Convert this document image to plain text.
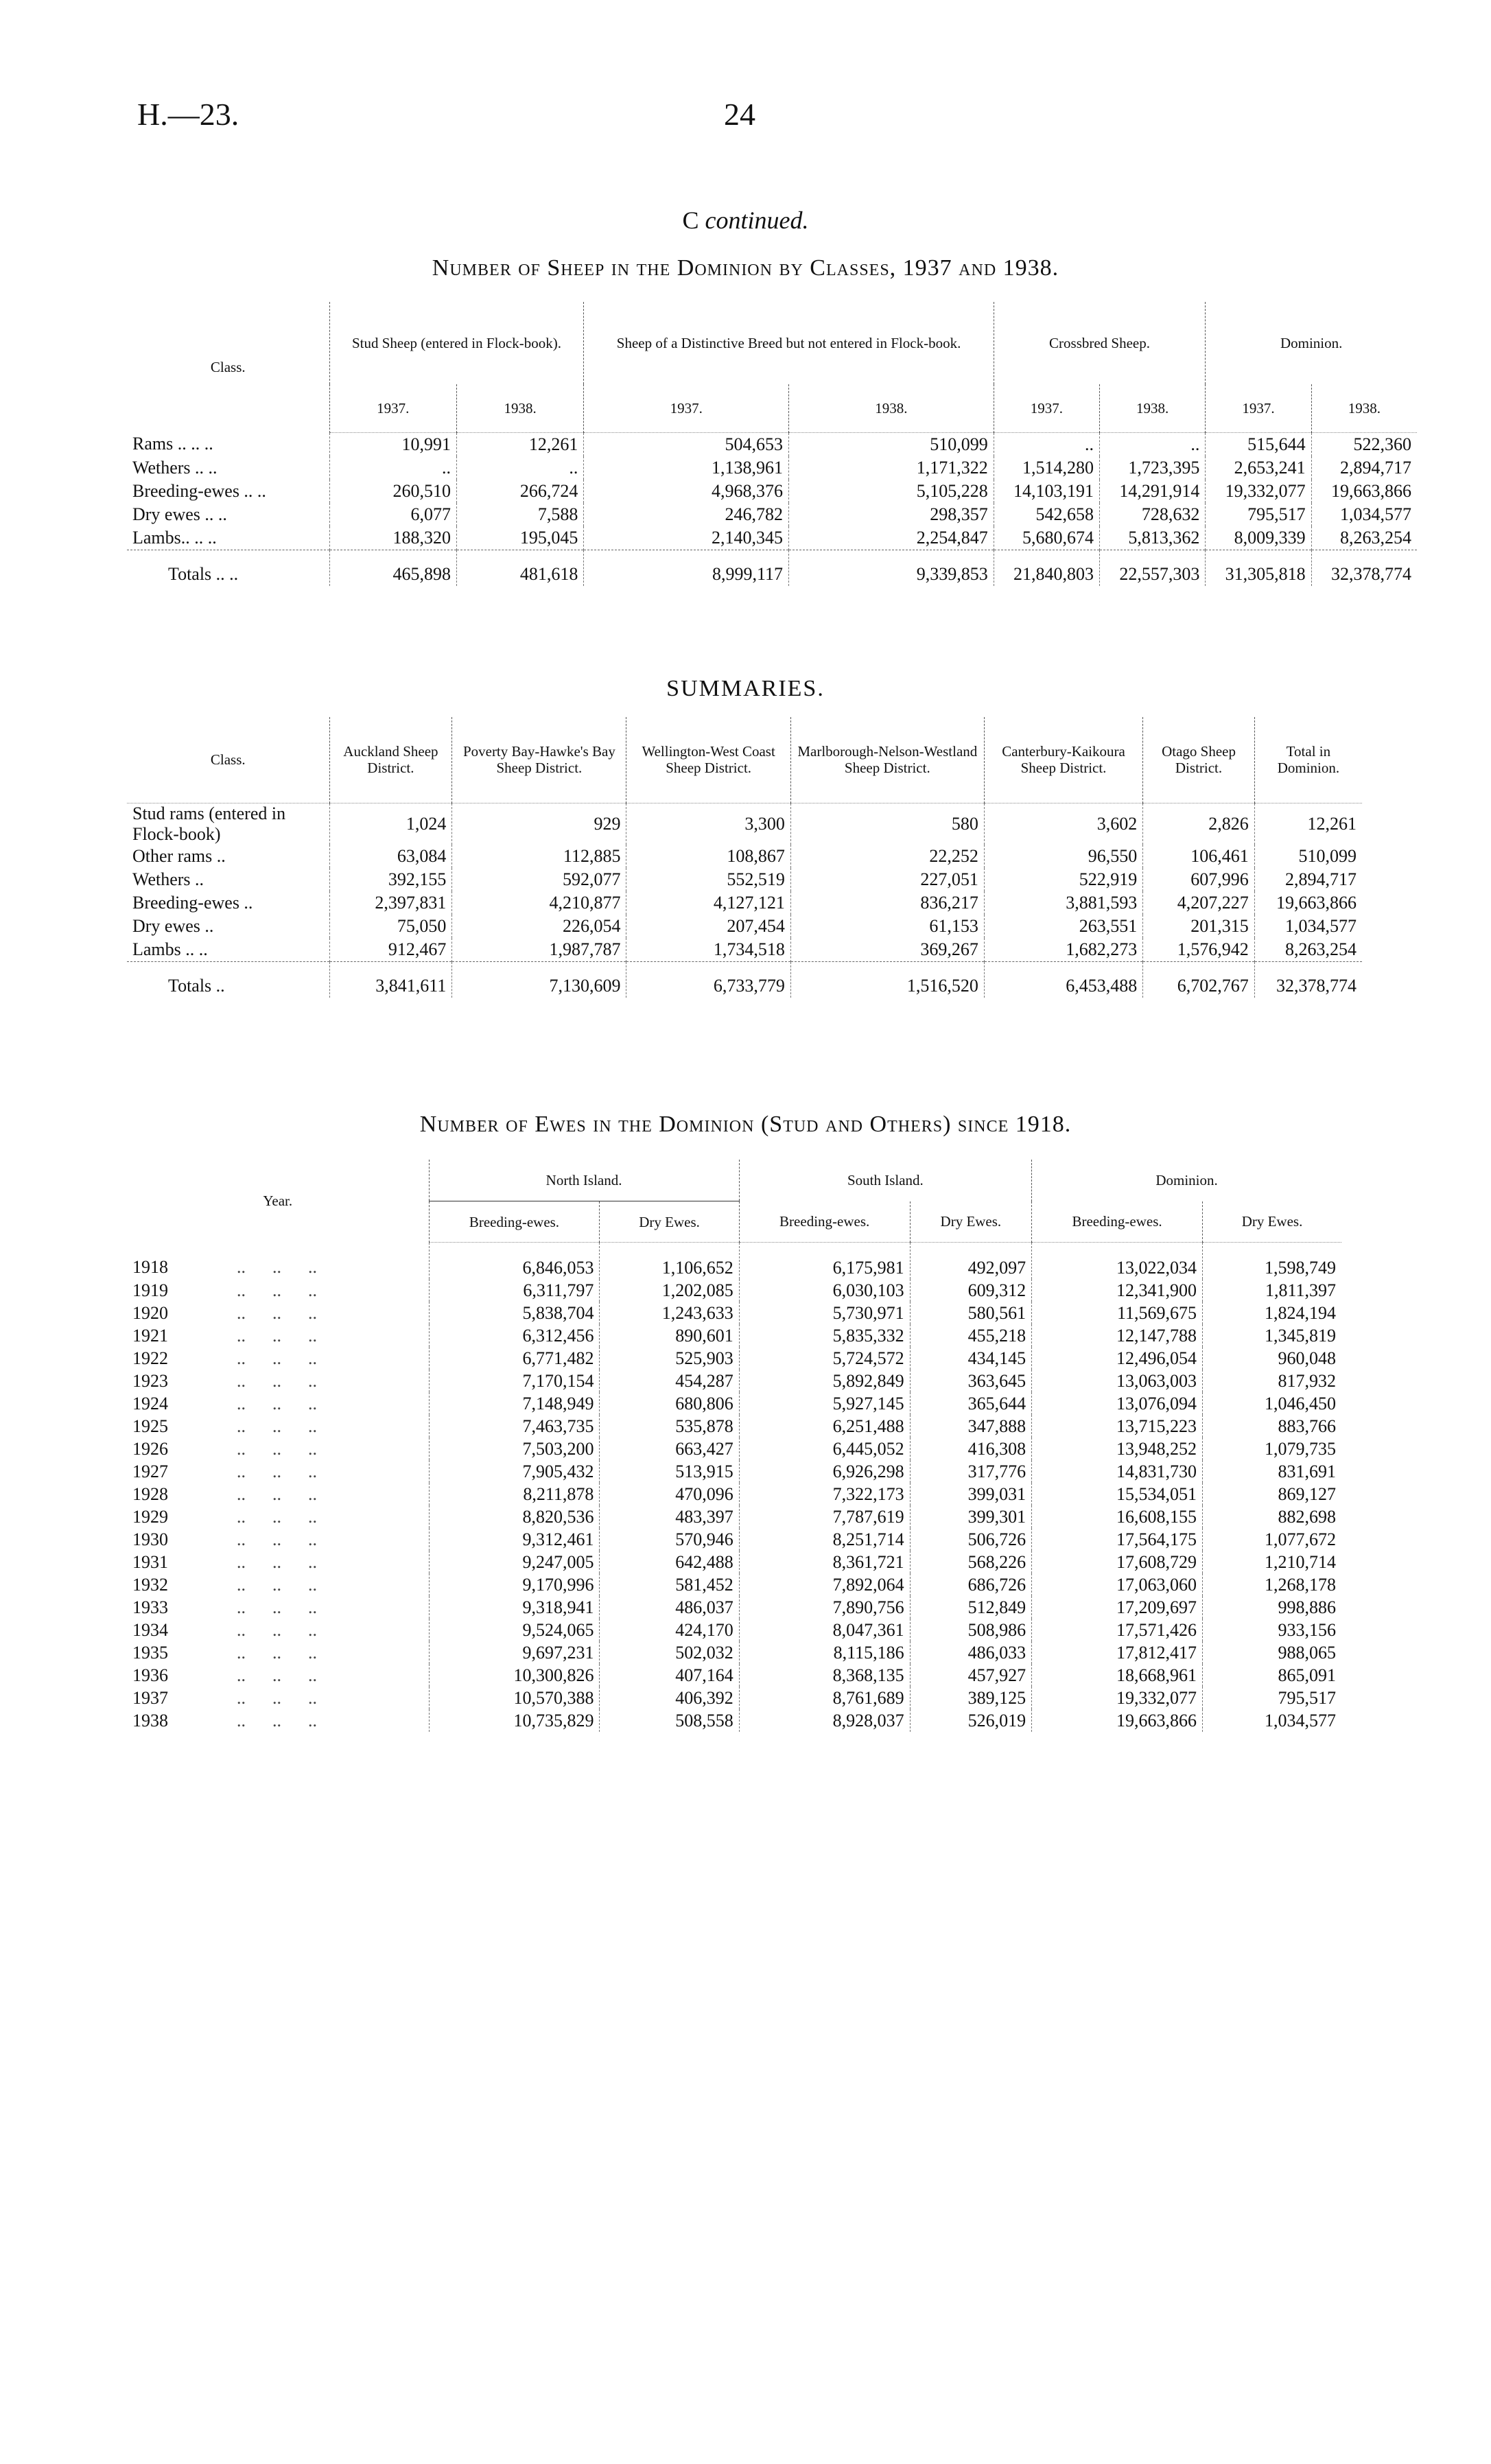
H.—23.	24
C continued.
Number of Sheep in the Dominion by Classes, 1937 and 1938.
Class.	Stud Sheep (entered in Flock-book).		Sheep of a Distinctive Breed but not entered in Flock-book.		Crossbred Sheep.		Dominion.	
	1937.	1938.	1937.	1938.	1937.	1938.	1937.	1938.
Rams .. .. ..	10,991	12,261	504,653	510,099	..	..	515,644	522,360
Wethers .. ..	..	..	1,138,961	1,171,322	1,514,280	1,723,395	2,653,241	2,894,717
Breeding-ewes .. ..	260,510	266,724	4,968,376	5,105,228	14,103,191	14,291,914	19,332,077	19,663,866
Dry ewes .. ..	6,077	7,588	246,782	298,357	542,658	728,632	795,517	1,034,577
Lambs.. .. ..	188,320	195,045	2,140,345	2,254,847	5,680,674	5,813,362	8,009,339	8,263,254
Totals .. ..	465,898	481,618	8,999,117	9,339,853	21,840,803	22,557,303	31,305,818	32,378,774
SUMMARIES.
Class.	Auckland Sheep District.	Poverty Bay-Hawke's Bay Sheep District.	Wellington-West Coast Sheep District.	Marlborough-Nelson-Westland Sheep District.	Canterbury-Kaikoura Sheep District.	Otago Sheep District.	Total in Dominion.
Stud rams (entered in Flock-book)	1,024	929	3,300	580	3,602	2,826	12,261
Other rams ..	63,084	112,885	108,867	22,252	96,550	106,461	510,099
Wethers ..	392,155	592,077	552,519	227,051	522,919	607,996	2,894,717
Breeding-ewes ..	2,397,831	4,210,877	4,127,121	836,217	3,881,593	4,207,227	19,663,866
Dry ewes ..	75,050	226,054	207,454	61,153	263,551	201,315	1,034,577
Lambs .. ..	912,467	1,987,787	1,734,518	369,267	1,682,273	1,576,942	8,263,254
Totals ..	3,841,611	7,130,609	6,733,779	1,516,520	6,453,488	6,702,767	32,378,774
Number of Ewes in the Dominion (Stud and Others) since 1918.
Year.	North Island.		South Island.		Dominion.	
	Breeding-ewes.	Dry Ewes.	Breeding-ewes.	Dry Ewes.	Breeding-ewes.	Dry Ewes.
1918 ..      ..      ..	6,846,053	1,106,652	6,175,981	492,097	13,022,034	1,598,749
1919 ..      ..      ..	6,311,797	1,202,085	6,030,103	609,312	12,341,900	1,811,397
1920 ..      ..      ..	5,838,704	1,243,633	5,730,971	580,561	11,569,675	1,824,194
1921 ..      ..      ..	6,312,456	890,601	5,835,332	455,218	12,147,788	1,345,819
1922 ..      ..      ..	6,771,482	525,903	5,724,572	434,145	12,496,054	960,048
1923 ..      ..      ..	7,170,154	454,287	5,892,849	363,645	13,063,003	817,932
1924 ..      ..      ..	7,148,949	680,806	5,927,145	365,644	13,076,094	1,046,450
1925 ..      ..      ..	7,463,735	535,878	6,251,488	347,888	13,715,223	883,766
1926 ..      ..      ..	7,503,200	663,427	6,445,052	416,308	13,948,252	1,079,735
1927 ..      ..      ..	7,905,432	513,915	6,926,298	317,776	14,831,730	831,691
1928 ..      ..      ..	8,211,878	470,096	7,322,173	399,031	15,534,051	869,127
1929 ..      ..      ..	8,820,536	483,397	7,787,619	399,301	16,608,155	882,698
1930 ..      ..      ..	9,312,461	570,946	8,251,714	506,726	17,564,175	1,077,672
1931 ..      ..      ..	9,247,005	642,488	8,361,721	568,226	17,608,729	1,210,714
1932 ..      ..      ..	9,170,996	581,452	7,892,064	686,726	17,063,060	1,268,178
1933 ..      ..      ..	9,318,941	486,037	7,890,756	512,849	17,209,697	998,886
1934 ..      ..      ..	9,524,065	424,170	8,047,361	508,986	17,571,426	933,156
1935 ..      ..      ..	9,697,231	502,032	8,115,186	486,033	17,812,417	988,065
1936 ..      ..      ..	10,300,826	407,164	8,368,135	457,927	18,668,961	865,091
1937 ..      ..      ..	10,570,388	406,392	8,761,689	389,125	19,332,077	795,517
1938 ..      ..      ..	10,735,829	508,558	8,928,037	526,019	19,663,866	1,034,577
